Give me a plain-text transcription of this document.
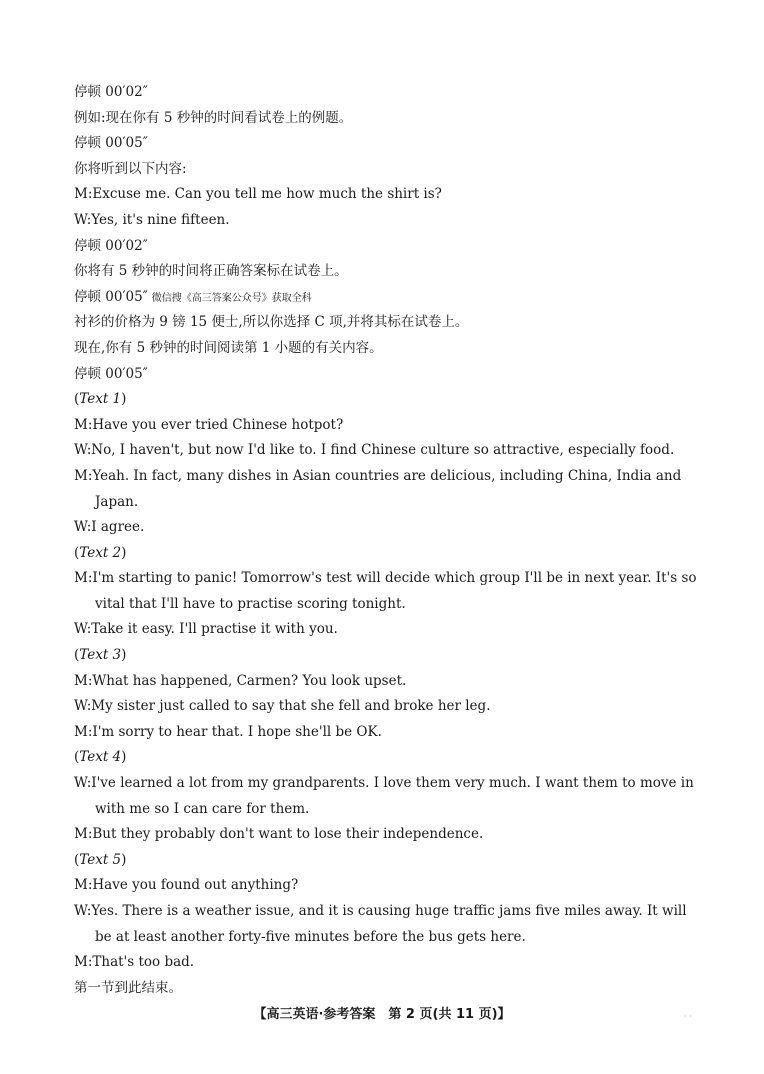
停顿 00′02″
例如:现在你有 5 秒钟的时间看试卷上的例题。
停顿 00′05″
你将听到以下内容:
M:Excuse me. Can you tell me how much the shirt is?
W:Yes, it's nine fifteen.
停顿 00′02″
你将有 5 秒钟的时间将正确答案标在试卷上。
停顿 00′05″ 微信搜《高三答案公众号》获取全科
衬衫的价格为 9 镑 15 便士,所以你选择 C 项,并将其标在试卷上。
现在,你有 5 秒钟的时间阅读第 1 小题的有关内容。
停顿 00′05″
(Text 1)
M:Have you ever tried Chinese hotpot?
W:No, I haven't, but now I'd like to. I find Chinese culture so attractive, especially food.
M:Yeah. In fact, many dishes in Asian countries are delicious, including China, India and
Japan.
W:I agree.
(Text 2)
M:I'm starting to panic! Tomorrow's test will decide which group I'll be in next year. It's so
vital that I'll have to practise scoring tonight.
W:Take it easy. I'll practise it with you.
(Text 3)
M:What has happened, Carmen? You look upset.
W:My sister just called to say that she fell and broke her leg.
M:I'm sorry to hear that. I hope she'll be OK.
(Text 4)
W:I've learned a lot from my grandparents. I love them very much. I want them to move in
with me so I can care for them.
M:But they probably don't want to lose their independence.
(Text 5)
M:Have you found out anything?
W:Yes. There is a weather issue, and it is causing huge traffic jams five miles away. It will
be at least another forty-five minutes before the bus gets here.
M:That's too bad.
第一节到此结束。
【高三英语·参考答案　第 2 页(共 11 页)】	· ·
